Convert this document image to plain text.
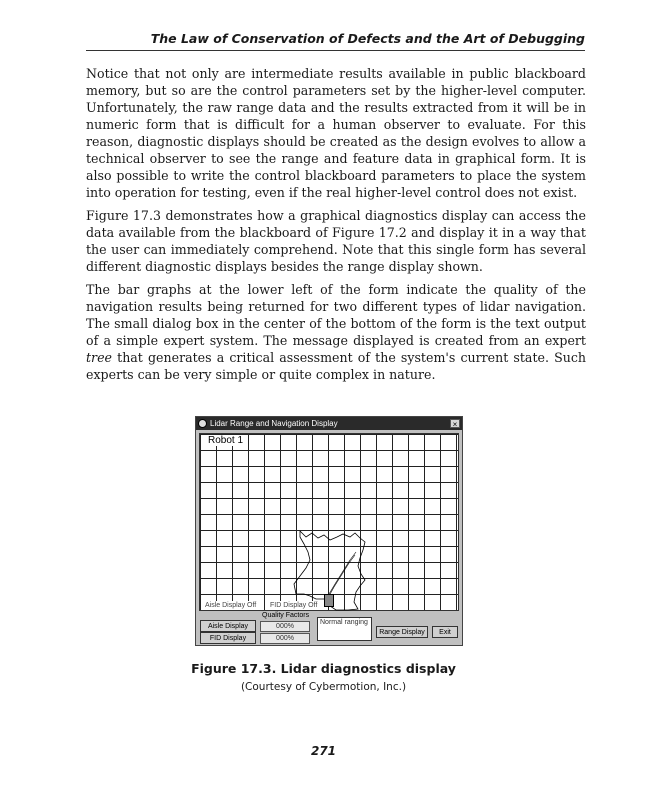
The Law of Conservation of Defects and the Art of Debugging

Notice that not only are intermediate results available in public blackboard memory, but so are the control parameters set by the higher-level computer. Unfortunately, the raw range data and the results extracted from it will be in numeric form that is difficult for a human observer to evaluate. For this reason, diagnostic displays should be created as the design evolves to allow a technical observer to see the range and feature data in graphical form. It is also possible to write the control blackboard parameters to place the system into operation for testing, even if the real higher-level control does not exist.

Figure 17.3 demonstrates how a graphical diagnostics display can access the data available from the blackboard of Figure 17.2 and display it in a way that the user can immediately comprehend. Note that this single form has several different diagnostic displays besides the range display shown.

The bar graphs at the lower left of the form indicate the quality of the navigation results being returned for two different types of lidar navigation. The small dialog box in the center of the bottom of the form is the text output of a simple expert system. The message displayed is created from an expert tree that generates a critical assessment of the system's current state. Such experts can be very simple or quite complex in nature.

Lidar Range and Navigation Display	×
Robot 1
Aisle Display Off FID Display Off
Quality Factors
Aisle Display
FID Display
000%
000%
Normal ranging
Range Display	Exit
Figure 17.3. Lidar diagnostics display
(Courtesy of Cybermotion, Inc.)
271
